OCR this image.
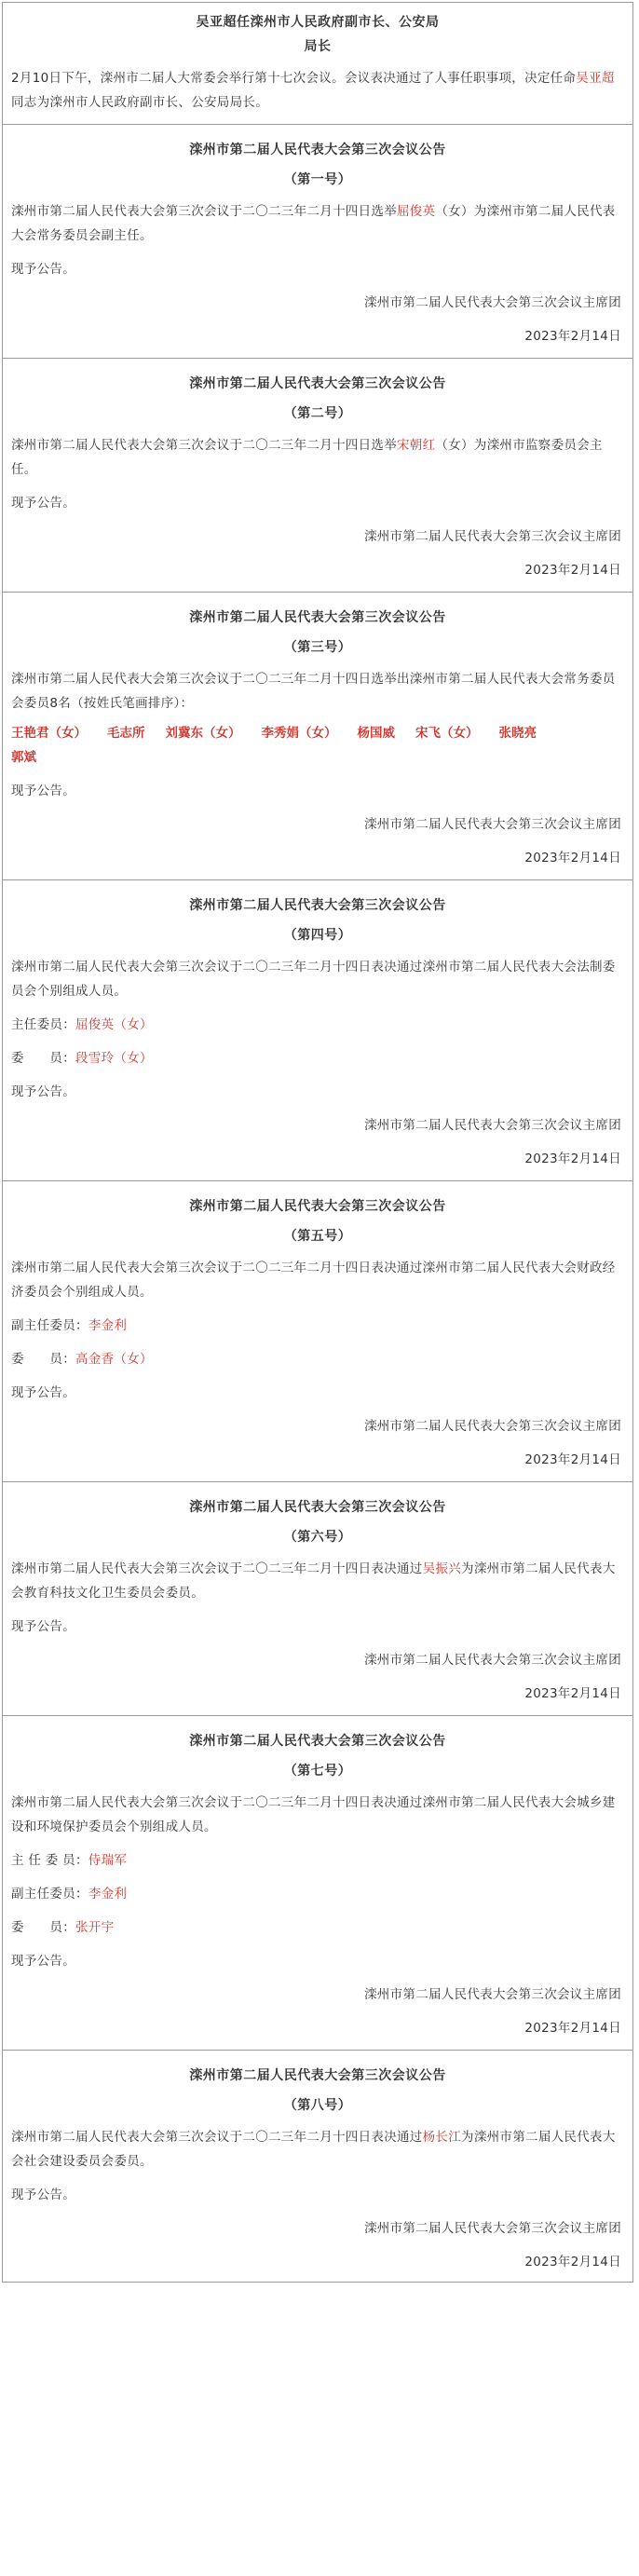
吴亚超任滦州市人民政府副市长、公安局
局长
2月10日下午，滦州市二届人大常委会举行第十七次会议。会议表决通过了人事任职事项，决定任命吴亚超同志为滦州市人民政府副市长、公安局局长。
滦州市第二届人民代表大会第三次会议公告
（第一号）
滦州市第二届人民代表大会第三次会议于二〇二三年二月十四日选举屈俊英（女）为滦州市第二届人民代表大会常务委员会副主任。
现予公告。
滦州市第二届人民代表大会第三次会议主席团
2023年2月14日
滦州市第二届人民代表大会第三次会议公告
（第二号）
滦州市第二届人民代表大会第三次会议于二〇二三年二月十四日选举宋朝红（女）为滦州市监察委员会主任。
现予公告。
滦州市第二届人民代表大会第三次会议主席团
2023年2月14日
滦州市第二届人民代表大会第三次会议公告
（第三号）
滦州市第二届人民代表大会第三次会议于二〇二三年二月十四日选举出滦州市第二届人民代表大会常务委员会委员8名（按姓氏笔画排序）：
王艳君（女） 毛志所 刘冀东（女） 李秀娟（女） 杨国威 宋飞（女） 张晓亮
郭斌
现予公告。
滦州市第二届人民代表大会第三次会议主席团
2023年2月14日
滦州市第二届人民代表大会第三次会议公告
（第四号）
滦州市第二届人民代表大会第三次会议于二〇二三年二月十四日表决通过滦州市第二届人民代表大会法制委员会个别组成人员。
主任委员：屈俊英（女）
委　　员：段雪玲（女）
现予公告。
滦州市第二届人民代表大会第三次会议主席团
2023年2月14日
滦州市第二届人民代表大会第三次会议公告
（第五号）
滦州市第二届人民代表大会第三次会议于二〇二三年二月十四日表决通过滦州市第二届人民代表大会财政经济委员会个别组成人员。
副主任委员：李金利
委　　员：高金香（女）
现予公告。
滦州市第二届人民代表大会第三次会议主席团
2023年2月14日
滦州市第二届人民代表大会第三次会议公告
（第六号）
滦州市第二届人民代表大会第三次会议于二〇二三年二月十四日表决通过吴振兴为滦州市第二届人民代表大会教育科技文化卫生委员会委员。
现予公告。
滦州市第二届人民代表大会第三次会议主席团
2023年2月14日
滦州市第二届人民代表大会第三次会议公告
（第七号）
滦州市第二届人民代表大会第三次会议于二〇二三年二月十四日表决通过滦州市第二届人民代表大会城乡建设和环境保护委员会个别组成人员。
主 任 委 员：侍瑞军
副主任委员：李金利
委　　员：张开宇
现予公告。
滦州市第二届人民代表大会第三次会议主席团
2023年2月14日
滦州市第二届人民代表大会第三次会议公告
（第八号）
滦州市第二届人民代表大会第三次会议于二〇二三年二月十四日表决通过杨长江为滦州市第二届人民代表大会社会建设委员会委员。
现予公告。
滦州市第二届人民代表大会第三次会议主席团
2023年2月14日
